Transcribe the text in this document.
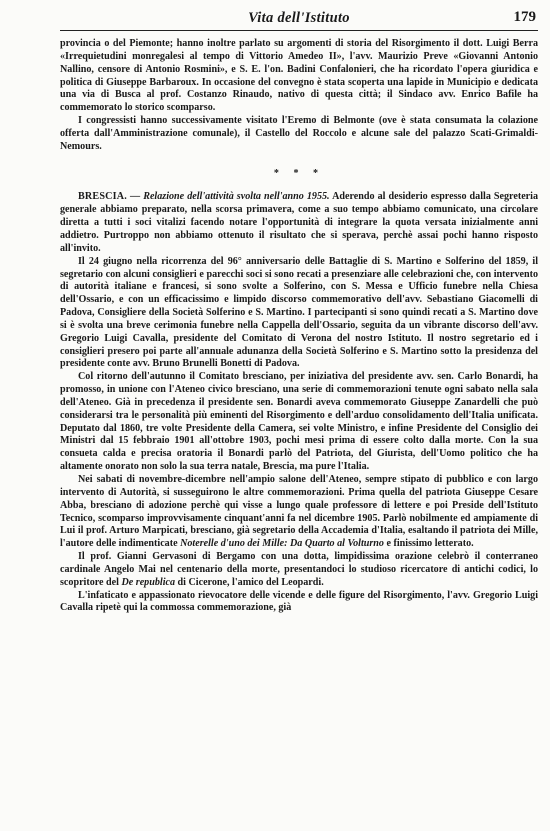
Vita dell'Istituto	179

provincia o del Piemonte; hanno inoltre parlato su argomenti di storia del Risorgimento il dott. Luigi Berra «Irrequietudini monregalesi al tempo di Vittorio Amedeo II», l'avv. Maurizio Preve «Giovanni Antonio Nallino, censore di Antonio Rosmini», e S. E. l'on. Badini Confalonieri, che ha ricordato l'opera giuridica e politica di Giuseppe Barbaroux. In occasione del convegno è stata scoperta una lapide in Municipio e dedicata una via di Busca al prof. Costanzo Rinaudo, nativo di questa città; il Sindaco avv. Enrico Bafile ha commemorato lo storico scomparso.

I congressisti hanno successivamente visitato l'Eremo di Belmonte (ove è stata consumata la colazione offerta dall'Amministrazione comunale), il Castello del Roccolo e alcune sale del palazzo Scati-Grimaldi-Nemours.

* * *

BRESCIA. — Relazione dell'attività svolta nell'anno 1955. Aderendo al desiderio espresso dalla Segreteria generale abbiamo preparato, nella scorsa primavera, come a suo tempo abbiamo comunicato, una circolare diretta a tutti i soci vitalizi facendo notare l'opportunità di integrare la quota versata inizialmente anni addietro. Purtroppo non abbiamo ottenuto il risultato che si sperava, perchè assai pochi hanno risposto all'invito.

Il 24 giugno nella ricorrenza del 96° anniversario delle Battaglie di S. Martino e Solferino del 1859, il segretario con alcuni consiglieri e parecchi soci si sono recati a presenziare alle celebrazioni che, con intervento di autorità italiane e francesi, si sono svolte a Solferino, con S. Messa e Ufficio funebre nella Chiesa dell'Ossario, e con un efficacissimo e limpido discorso commemorativo dell'avv. Sebastiano Giacomelli di Padova, Consigliere della Società Solferino e S. Martino. I partecipanti si sono quindi recati a S. Martino dove si è svolta una breve cerimonia funebre nella Cappella dell'Ossario, seguita da un vibrante discorso dell'avv. Gregorio Luigi Cavalla, presidente del Comitato di Verona del nostro Istituto. Il nostro segretario ed i consiglieri presero poi parte all'annuale adunanza della Società Solferino e S. Martino sotto la presidenza del presidente conte avv. Bruno Brunelli Bonetti di Padova.

Col ritorno dell'autunno il Comitato bresciano, per iniziativa del presidente avv. sen. Carlo Bonardi, ha promosso, in unione con l'Ateneo civico bresciano, una serie di commemorazioni tenute ogni sabato nella sala dell'Ateneo. Già in precedenza il presidente sen. Bonardi aveva commemorato Giuseppe Zanardelli che può considerarsi tra le personalità più eminenti del Risorgimento e dell'arduo consolidamento dell'Italia unificata. Deputato dal 1860, tre volte Presidente della Camera, sei volte Ministro, e infine Presidente del Consiglio dei Ministri dal 15 febbraio 1901 all'ottobre 1903, pochi mesi prima di essere colto dalla morte. Con la sua consueta calda e precisa oratoria il Bonardi parlò del Patriota, del Giurista, dell'Uomo politico che ha altamente onorato non solo la sua terra natale, Brescia, ma pure l'Italia.

Nei sabati di novembre-dicembre nell'ampio salone dell'Ateneo, sempre stipato di pubblico e con largo intervento di Autorità, si susseguirono le altre commemorazioni. Prima quella del patriota Giuseppe Cesare Abba, bresciano di adozione perchè qui visse a lungo quale professore di lettere e poi Preside dell'Istituto Tecnico, scomparso improvvisamente cinquant'anni fa nel dicembre 1905. Parlò nobilmente ed ampiamente di Lui il prof. Arturo Marpicati, bresciano, già segretario della Accademia d'Italia, esaltando il patriota dei Mille, l'autore delle indimenticate Noterelle d'uno dei Mille: Da Quarto al Volturno e finissimo letterato.

Il prof. Gianni Gervasoni di Bergamo con una dotta, limpidissima orazione celebrò il conterraneo cardinale Angelo Mai nel centenario della morte, presentandoci lo studioso ricercatore di antichi codici, lo scopritore del De republica di Cicerone, l'amico del Leopardi.

L'infaticato e appassionato rievocatore delle vicende e delle figure del Risorgimento, l'avv. Gregorio Luigi Cavalla ripetè qui la commossa commemorazione, già
